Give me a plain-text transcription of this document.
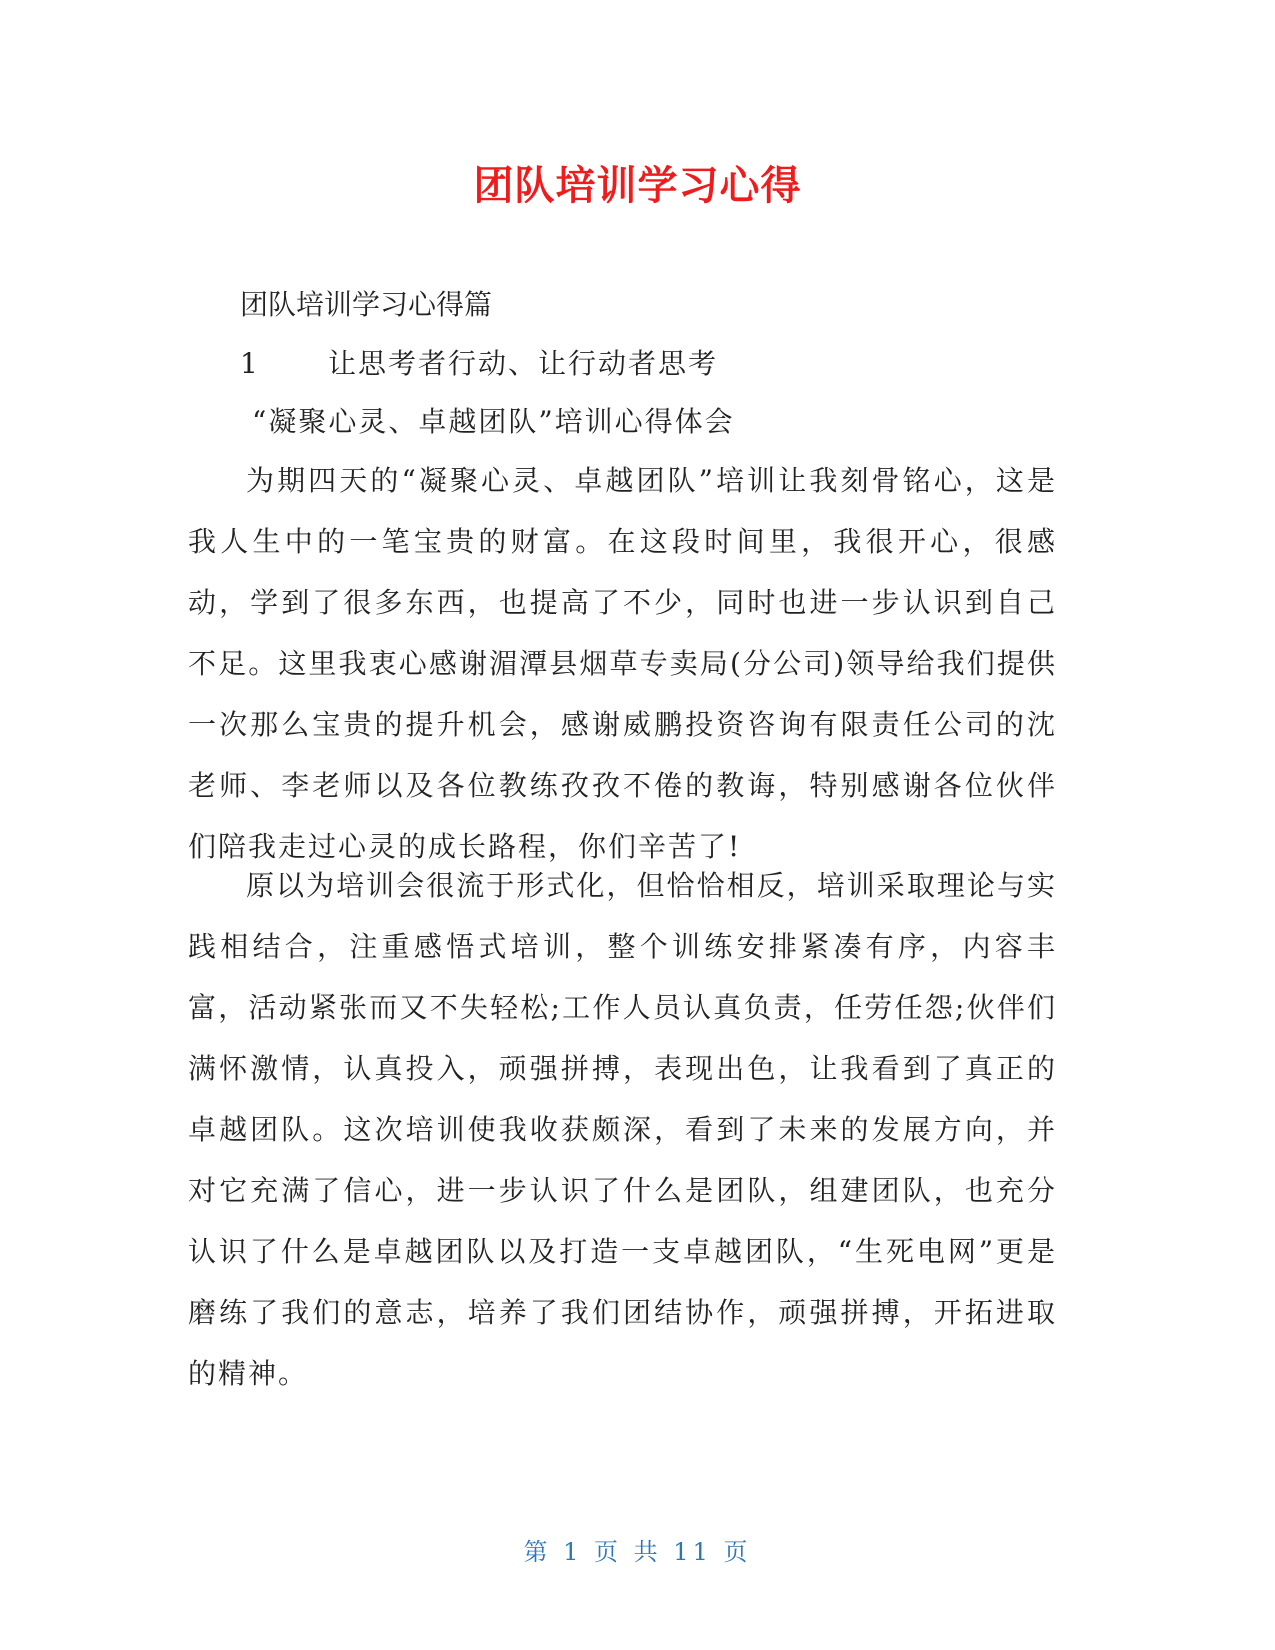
团队培训学习心得
团队培训学习心得篇
1	让思考者行动、让行动者思考
“凝聚心灵、卓越团队”培训心得体会

为期四天的“凝聚心灵、卓越团队”培训让我刻骨铭心，这是我人生中的一笔宝贵的财富。在这段时间里，我很开心，很感动，学到了很多东西，也提高了不少，同时也进一步认识到自己不足。这里我衷心感谢湄潭县烟草专卖局(分公司)领导给我们提供一次那么宝贵的提升机会，感谢威鹏投资咨询有限责任公司的沈老师、李老师以及各位教练孜孜不倦的教诲，特别感谢各位伙伴们陪我走过心灵的成长路程，你们辛苦了!

原以为培训会很流于形式化，但恰恰相反，培训采取理论与实践相结合，注重感悟式培训，整个训练安排紧凑有序，内容丰富，活动紧张而又不失轻松;工作人员认真负责，任劳任怨;伙伴们满怀激情，认真投入，顽强拼搏，表现出色，让我看到了真正的卓越团队。这次培训使我收获颇深，看到了未来的发展方向，并对它充满了信心，进一步认识了什么是团队，组建团队，也充分认识了什么是卓越团队以及打造一支卓越团队，“生死电网”更是磨练了我们的意志，培养了我们团结协作，顽强拼搏，开拓进取的精神。

第 1 页 共 11 页
